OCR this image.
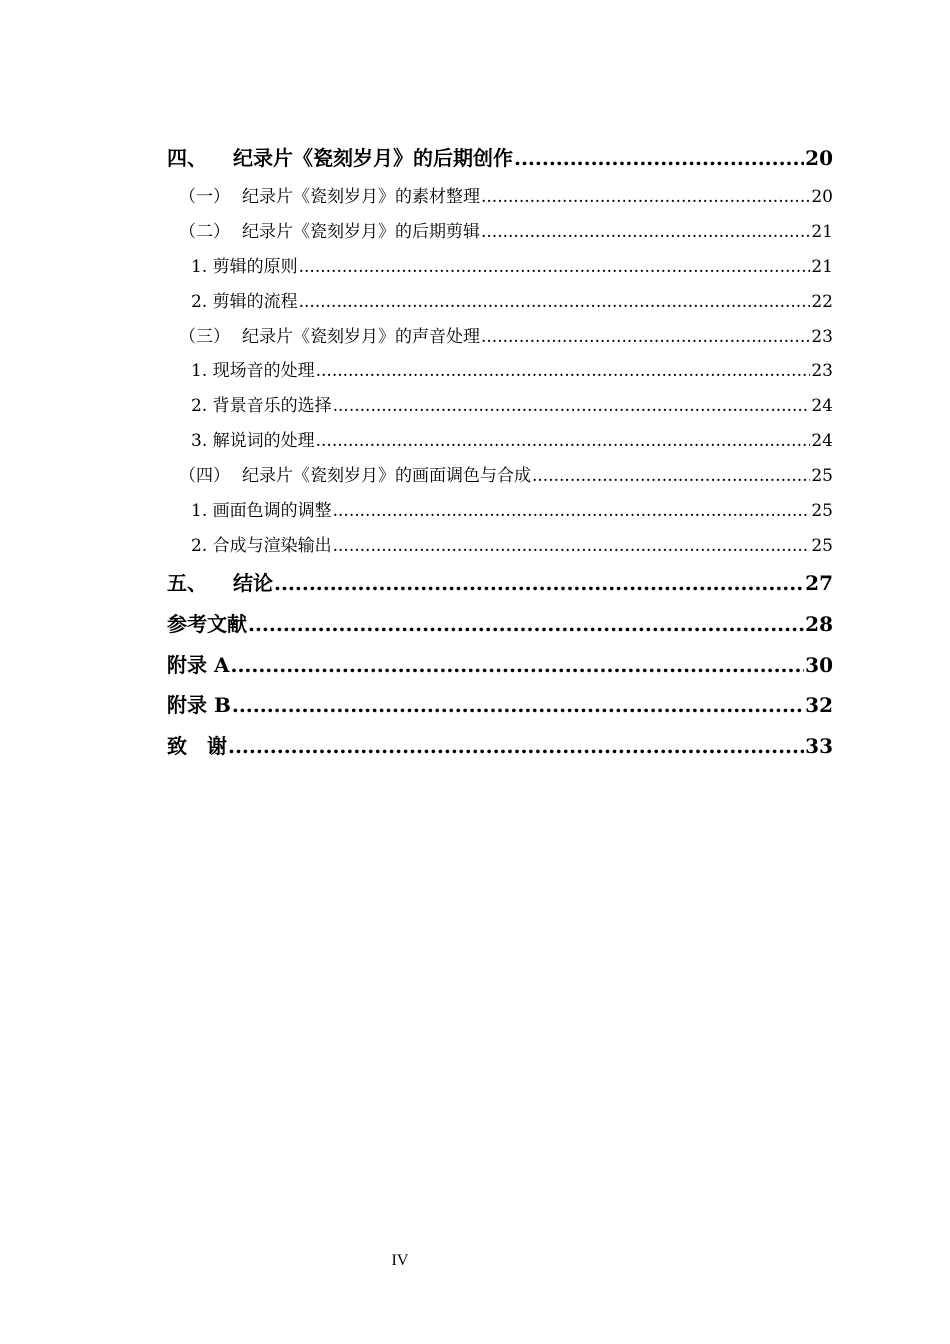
四、 纪录片《瓷刻岁月》的后期创作 .....	20
（一） 纪录片《瓷刻岁月》的素材整理 .....	20
（二） 纪录片《瓷刻岁月》的后期剪辑 .....	21
1. 剪辑的原则 .....	21
2. 剪辑的流程 .....	22
（三） 纪录片《瓷刻岁月》的声音处理 .....	23
1. 现场音的处理 .....	23
2. 背景音乐的选择 .....	24
3. 解说词的处理 .....	24
（四） 纪录片《瓷刻岁月》的画面调色与合成 .....	25
1. 画面色调的调整 .....	25
2. 合成与渲染输出 .....	25
五、 结论 .....	27
参考文献 .....	28
附录 A .....	30
附录 B .....	32
致　谢 .....	33
IV
